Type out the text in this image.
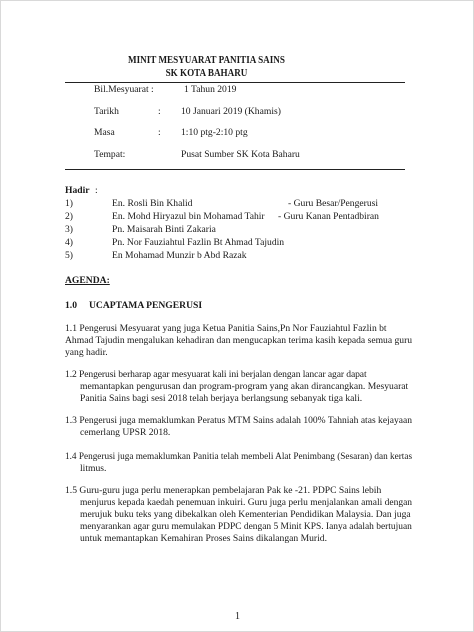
MINIT MESYUARAT PANITIA SAINS
SK KOTA BAHARU
Bil.Mesyuarat :	1 Tahun 2019
Tarikh	: 10 Januari 2019 (Khamis)
Masa	: 1:10 ptg-2:10 ptg
Tempat:	Pusat Sumber SK Kota Baharu
Hadir :
1)	En. Rosli Bin Khalid	- Guru Besar/Pengerusi
2)	En. Mohd Hiryazul bin Mohamad Tahir - Guru Kanan Pentadbiran
3)	Pn. Maisarah Binti Zakaria
4)	Pn. Nor Fauziahtul Fazlin Bt Ahmad Tajudin
5)	En Mohamad Munzir b Abd Razak
AGENDA:
1.0 UCAPTAMA PENGERUSI
1.1 Pengerusi Mesyuarat yang juga Ketua Panitia Sains,Pn Nor Fauziahtul Fazlin bt
Ahmad Tajudin mengalukan kehadiran dan mengucapkan terima kasih kepada semua guru
yang hadir.
1.2 Pengerusi berharap agar mesyuarat kali ini berjalan dengan lancar agar dapat
memantapkan pengurusan dan program-program yang akan dirancangkan. Mesyuarat
Panitia Sains bagi sesi 2018 telah berjaya berlangsung sebanyak tiga kali.
1.3 Pengerusi juga memaklumkan Peratus MTM Sains adalah 100% Tahniah atas kejayaan
cemerlang UPSR 2018.
1.4 Pengerusi juga memaklumkan Panitia telah membeli Alat Penimbang (Sesaran) dan kertas
litmus.
1.5 Guru-guru juga perlu menerapkan pembelajaran Pak ke -21. PDPC Sains lebih
menjurus kepada kaedah penemuan inkuiri. Guru juga perlu menjalankan amali dengan
merujuk buku teks yang dibekalkan oleh Kementerian Pendidikan Malaysia. Dan juga
menyarankan agar guru memulakan PDPC dengan 5 Minit KPS. Ianya adalah bertujuan
untuk memantapkan Kemahiran Proses Sains dikalangan Murid.
1
